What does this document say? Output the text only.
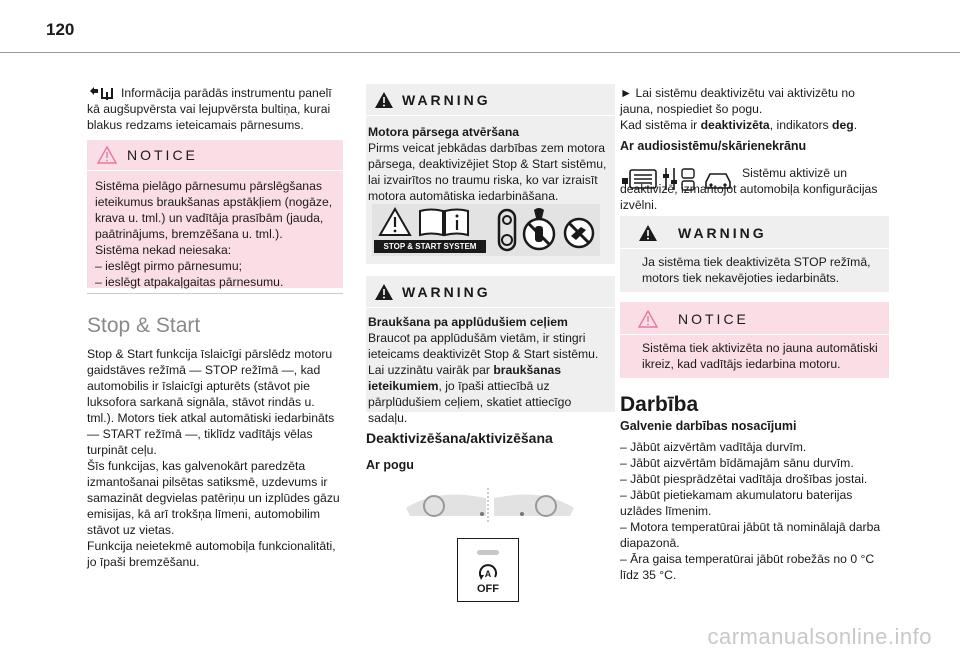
120
Informācija parādās instrumentu panelī kā augšupvērsta vai lejupvērsta bultiņa, kurai blakus redzams ieteicamais pārnesums.
NOTICE
Sistēma pielāgo pārnesumu pārslēgšanas ieteikumus braukšanas apstākļiem (nogāze, krava u. tml.) un vadītāja prasībām (jauda, paātrinājums, bremzēšana u. tml.).
Sistēma nekad neiesaka:
– ieslēgt pirmo pārnesumu;
– ieslēgt atpakaļgaitas pārnesumu.
Stop & Start
Stop & Start funkcija īslaicīgi pārslēdz motoru gaidstāves režīmā — STOP režīmā —, kad automobilis ir īslaicīgi apturēts (stāvot pie luksofora sarkanā signāla, stāvot rindās u. tml.). Motors tiek atkal automātiski iedarbināts — START režīmā —, tiklīdz vadītājs vēlas turpināt ceļu.
Šīs funkcijas, kas galvenokārt paredzēta izmantošanai pilsētas satiksmē, uzdevums ir samazināt degvielas patēriņu un izplūdes gāzu emisijas, kā arī trokšņa līmeni, automobilim stāvot uz vietas.
Funkcija neietekmē automobiļa funkcionalitāti, jo īpaši bremzēšanu.
WARNING
Motora pārsega atvēršana
Pirms veicat jebkādas darbības zem motora pārsega, deaktivizējiet Stop & Start sistēmu, lai izvairītos no traumu riska, ko var izraisīt motora automātiska iedarbināšana.
STOP & START SYSTEM
WARNING
Braukšana pa applūdušiem ceļiem
Braucot pa applūdušām vietām, ir stingri ieteicams deaktivizēt Stop & Start sistēmu.
Lai uzzinātu vairāk par braukšanas ieteikumiem, jo īpaši attiecībā uz pārplūdušiem ceļiem, skatiet attiecīgo sadaļu.
Deaktivizēšana/aktivizēšana
Ar pogu
A
OFF
► Lai sistēmu deaktivizētu vai aktivizētu no jauna, nospiediet šo pogu.
Kad sistēma ir deaktivizēta, indikators deg.
Ar audiosistēmu/skārienekrānu
Sistēmu aktivizē un deaktivizē, izmantojot automobiļa konfigurācijas izvēlni.
WARNING
Ja sistēma tiek deaktivizēta STOP režīmā, motors tiek nekavējoties iedarbināts.
NOTICE
Sistēma tiek aktivizēta no jauna automātiski ikreiz, kad vadītājs iedarbina motoru.
Darbība
Galvenie darbības nosacījumi
– Jābūt aizvērtām vadītāja durvīm.
– Jābūt aizvērtām bīdāmajām sānu durvīm.
– Jābūt piesprādzētai vadītāja drošības jostai.
– Jābūt pietiekamam akumulatoru baterijas uzlādes līmenim.
– Motora temperatūrai jābūt tā nominālajā darba diapazonā.
– Āra gaisa temperatūrai jābūt robežās no 0 °C līdz 35 °C.
carmanualsonline.info
